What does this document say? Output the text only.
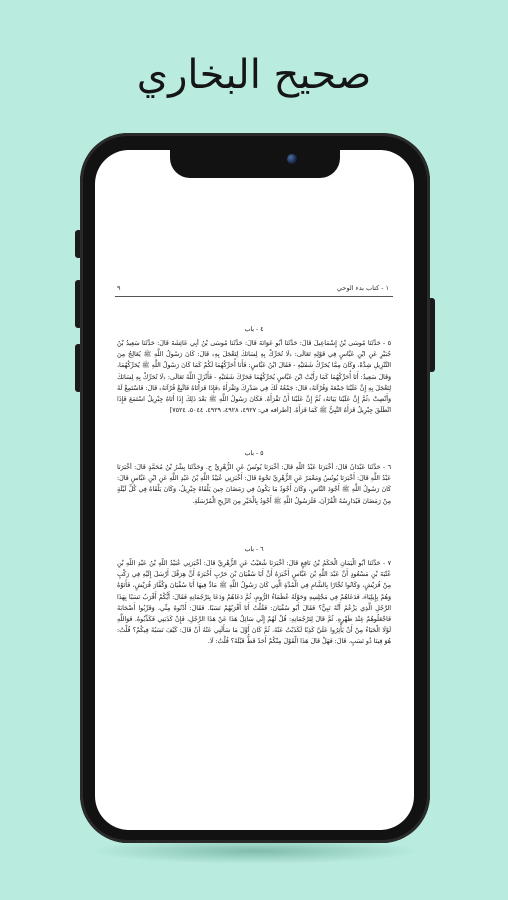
صحيح البخاري
٩	١ - كتاب بدء الوحي
٤ - باب
٥ - حَدَّثَنَا مُوسَى بْنُ إِسْمَاعِيلَ قَالَ: حَدَّثَنَا أَبُو عَوَانَةَ قَالَ: حَدَّثَنَا مُوسَى بْنُ أَبِي عَائِشَةَ قَالَ: حَدَّثَنَا سَعِيدُ بْنُ جُبَيْرٍ عَنِ ابْنِ عَبَّاسٍ فِي قَوْلِهِ تَعَالَى: ﴿لَا تُحَرِّكْ بِهِ لِسَانَكَ لِتَعْجَلَ بِهِ﴾ قَالَ: كَانَ رَسُولُ اللَّهِ ﷺ يُعَالِجُ مِنَ التَّنْزِيلِ شِدَّةً، وَكَانَ مِمَّا يُحَرِّكُ شَفَتَيْهِ - فَقَالَ ابْنُ عَبَّاسٍ: فَأَنَا أُحَرِّكُهُمَا لَكُمْ كَمَا كَانَ رَسُولُ اللَّهِ ﷺ يُحَرِّكُهُمَا، وَقَالَ سَعِيدٌ: أَنَا أُحَرِّكُهُمَا كَمَا رَأَيْتُ ابْنَ عَبَّاسٍ يُحَرِّكُهُمَا فَحَرَّكَ شَفَتَيْهِ - فَأَنْزَلَ اللَّهُ تَعَالَى: ﴿لَا تُحَرِّكْ بِهِ لِسَانَكَ لِتَعْجَلَ بِهِ إِنَّ عَلَيْنَا جَمْعَهُ وَقُرْآنَهُ﴾ قَالَ: جَمْعُهُ لَكَ فِي صَدْرِكَ وَتَقْرَأَهُ ﴿فَإِذَا قَرَأْنَاهُ فَاتَّبِعْ قُرْآنَهُ﴾ قَالَ: فَاسْتَمِعْ لَهُ وَأَنْصِتْ ﴿ثُمَّ إِنَّ عَلَيْنَا بَيَانَهُ﴾ ثُمَّ إِنَّ عَلَيْنَا أَنْ تَقْرَأَهُ. فَكَانَ رَسُولُ اللَّهِ ﷺ بَعْدَ ذَلِكَ إِذَا أَتَاهُ جِبْرِيلُ اسْتَمَعَ فَإِذَا انْطَلَقَ جِبْرِيلُ قَرَأَهُ النَّبِيُّ ﷺ كَمَا قَرَأَهُ. [أطرافه في: ٤٩٢٧، ٤٩٢٨، ٤٩٢٩، ٥٠٤٤، ٧٥٢٤]
٥ - باب
٦ - حَدَّثَنَا عَبْدَانُ قَالَ: أَخْبَرَنَا عَبْدُ اللَّهِ قَالَ: أَخْبَرَنَا يُونُسُ عَنِ الزُّهْرِيِّ ح. وَحَدَّثَنَا بِشْرُ بْنُ مُحَمَّدٍ قَالَ: أَخْبَرَنَا عَبْدُ اللَّهِ قَالَ: أَخْبَرَنَا يُونُسُ وَمَعْمَرٌ عَنِ الزُّهْرِيِّ نَحْوَهُ قَالَ: أَخْبَرَنِي عُبَيْدُ اللَّهِ بْنُ عَبْدِ اللَّهِ عَنِ ابْنِ عَبَّاسٍ قَالَ: كَانَ رَسُولُ اللَّهِ ﷺ أَجْوَدَ النَّاسِ، وَكَانَ أَجْوَدُ مَا يَكُونُ فِي رَمَضَانَ حِينَ يَلْقَاهُ جِبْرِيلُ، وَكَانَ يَلْقَاهُ فِي كُلِّ لَيْلَةٍ مِنْ رَمَضَانَ فَيُدَارِسُهُ الْقُرْآنَ، فَلَرَسُولُ اللَّهِ ﷺ أَجْوَدُ بِالْخَيْرِ مِنَ الرِّيحِ الْمُرْسَلَةِ.
٦ - باب
٧ - حَدَّثَنَا أَبُو الْيَمَانِ الْحَكَمُ بْنُ نَافِعٍ قَالَ: أَخْبَرَنَا شُعَيْبٌ عَنِ الزُّهْرِيِّ قَالَ: أَخْبَرَنِي عُبَيْدُ اللَّهِ بْنُ عَبْدِ اللَّهِ بْنِ عُتْبَةَ بْنِ مَسْعُودٍ أَنَّ عَبْدَ اللَّهِ بْنَ عَبَّاسٍ أَخْبَرَهُ أَنَّ أَبَا سُفْيَانَ بْنَ حَرْبٍ أَخْبَرَهُ أَنَّ هِرَقْلَ أَرْسَلَ إِلَيْهِ فِي رَكْبٍ مِنْ قُرَيْشٍ، وَكَانُوا تُجَّارًا بِالشَّامِ فِي الْمُدَّةِ الَّتِي كَانَ رَسُولُ اللَّهِ ﷺ مَادَّ فِيهَا أَبَا سُفْيَانَ وَكُفَّارَ قُرَيْشٍ، فَأَتَوْهُ وَهُمْ بِإِيلِيَاءَ، فَدَعَاهُمْ فِي مَجْلِسِهِ وَحَوْلَهُ عُظَمَاءُ الرُّومِ، ثُمَّ دَعَاهُمْ وَدَعَا بِتَرْجُمَانِهِ فَقَالَ: أَيُّكُمْ أَقْرَبُ نَسَبًا بِهَذَا الرَّجُلِ الَّذِي يَزْعُمُ أَنَّهُ نَبِيٌّ؟ فَقَالَ أَبُو سُفْيَانَ: فَقُلْتُ أَنَا أَقْرَبُهُمْ نَسَبًا. فَقَالَ: أَدْنُوهُ مِنِّي، وَقَرِّبُوا أَصْحَابَهُ فَاجْعَلُوهُمْ عِنْدَ ظَهْرِهِ. ثُمَّ قَالَ لِتَرْجُمَانِهِ: قُلْ لَهُمْ إِنِّي سَائِلٌ هَذَا عَنْ هَذَا الرَّجُلِ، فَإِنْ كَذَبَنِي فَكَذِّبُوهُ. فَوَاللَّهِ لَوْلَا الْحَيَاءُ مِنْ أَنْ يَأْثِرُوا عَلَيَّ كَذِبًا لَكَذَبْتُ عَنْهُ. ثُمَّ كَانَ أَوَّلَ مَا سَأَلَنِي عَنْهُ أَنْ قَالَ: كَيْفَ نَسَبُهُ فِيكُمْ؟ قُلْتُ: هُوَ فِينَا ذُو نَسَبٍ. قَالَ: فَهَلْ قَالَ هَذَا الْقَوْلَ مِنْكُمْ أَحَدٌ قَطُّ قَبْلَهُ؟ قُلْتُ: لَا.
